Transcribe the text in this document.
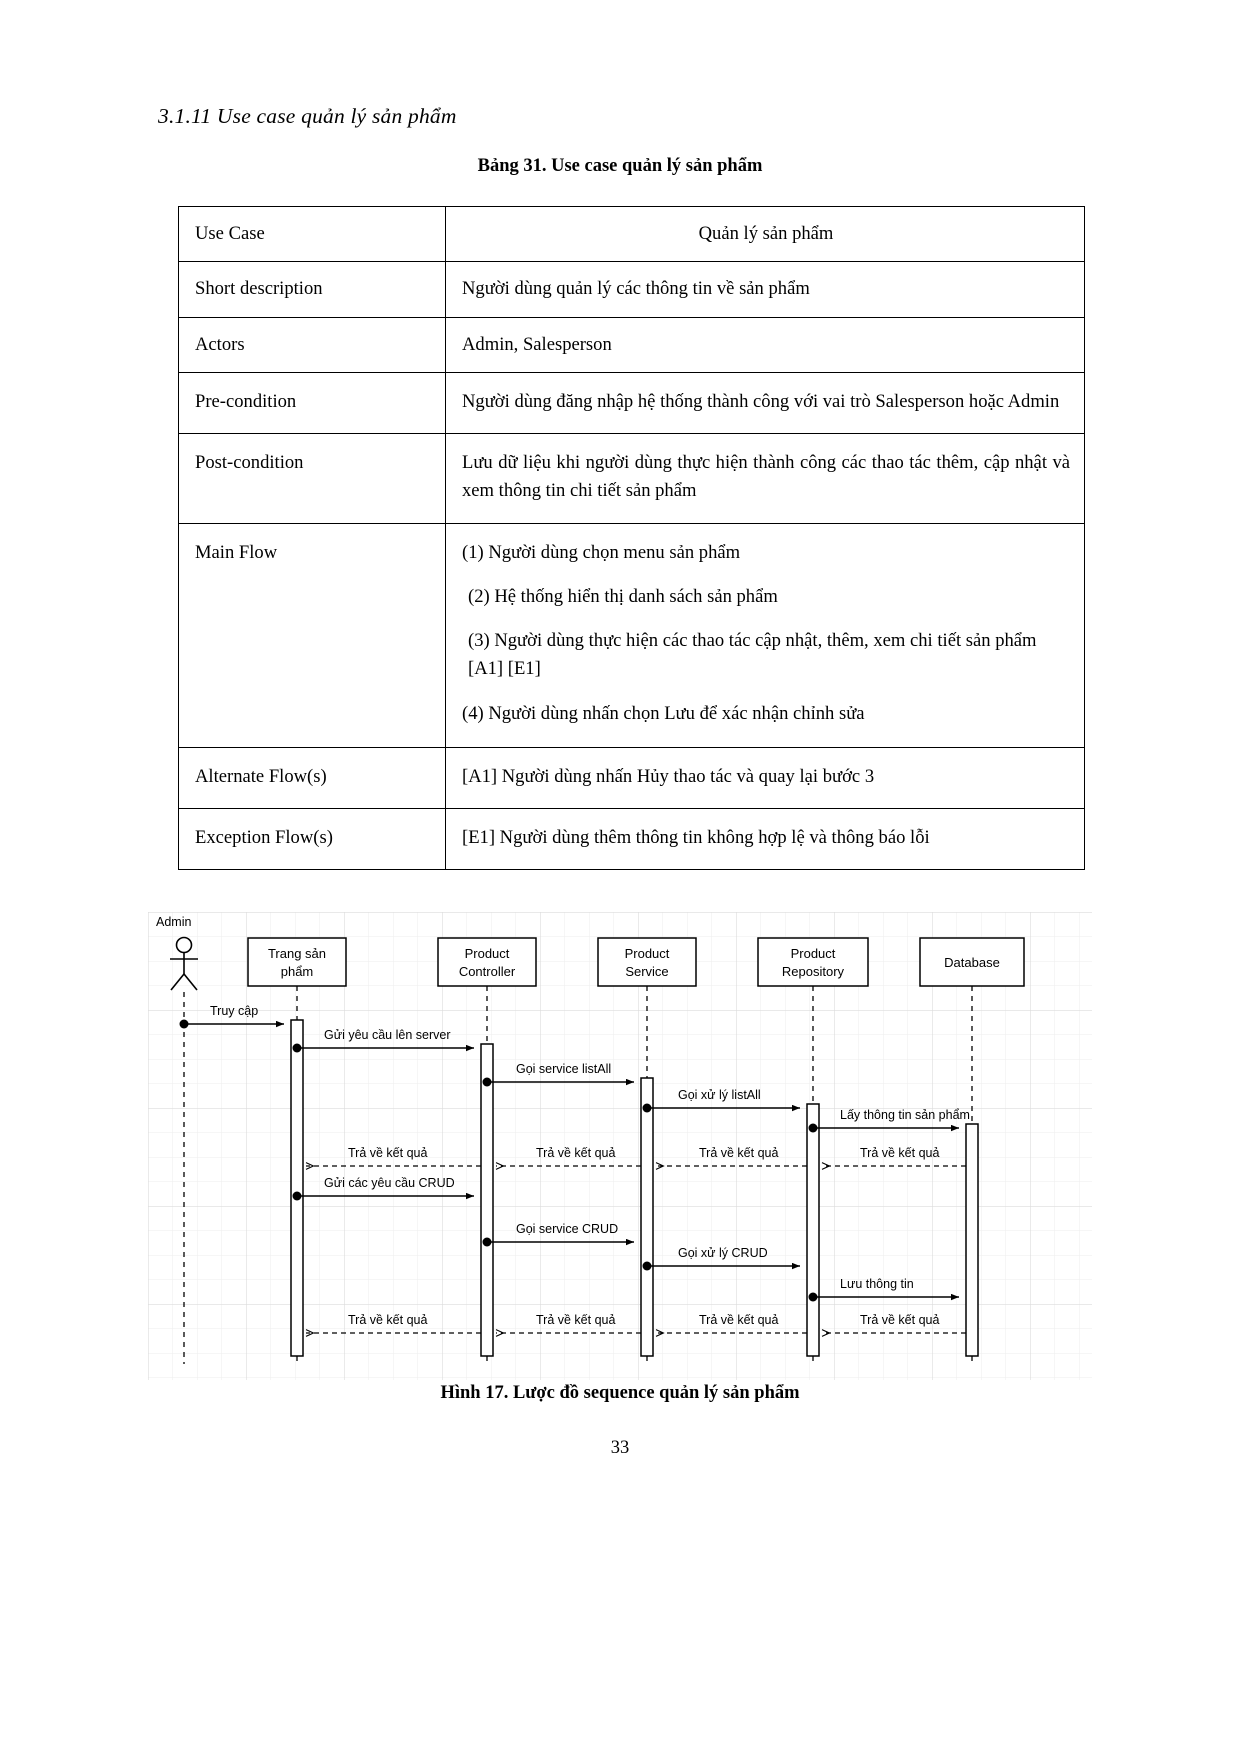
3.1.11 Use case quản lý sản phẩm
Bảng 31. Use case quản lý sản phẩm
Use Case	Quản lý sản phẩm
Short description	Người dùng quản lý các thông tin về sản phẩm
Actors	Admin, Salesperson
Pre-condition	Người dùng đăng nhập hệ thống thành công với vai trò Salesperson hoặc Admin
Post-condition	Lưu dữ liệu khi người dùng thực hiện thành công các thao tác thêm, cập nhật và xem thông tin chi tiết sản phẩm
Main Flow	(1) Người dùng chọn menu sản phẩm

(2) Hệ thống hiển thị danh sách sản phẩm

(3) Người dùng thực hiện các thao tác cập nhật, thêm, xem chi tiết sản phẩm [A1] [E1]

(4) Người dùng nhấn chọn Lưu để xác nhận chỉnh sửa

Alternate Flow(s)	[A1] Người dùng nhấn Hủy thao tác và quay lại bước 3
Exception Flow(s)	[E1] Người dùng thêm thông tin không hợp lệ và thông báo lỗi
Admin
Trang sản
phẩm
Product
Controller
Product
Service
Product
Repository
Database
Truy cập
Gửi yêu cầu lên server
Gọi service listAll
Gọi xử lý listAll
Lấy thông tin sản phẩm
Trả về kết quả
Trả về kết quả
Trả về kết quả
Trả về kết quả
Gửi các yêu cầu CRUD
Gọi service CRUD
Gọi xử lý CRUD
Lưu thông tin
Trả về kết quả
Trả về kết quả
Trả về kết quả
Trả về kết quả
Hình 17. Lược đồ sequence quản lý sản phẩm
33
